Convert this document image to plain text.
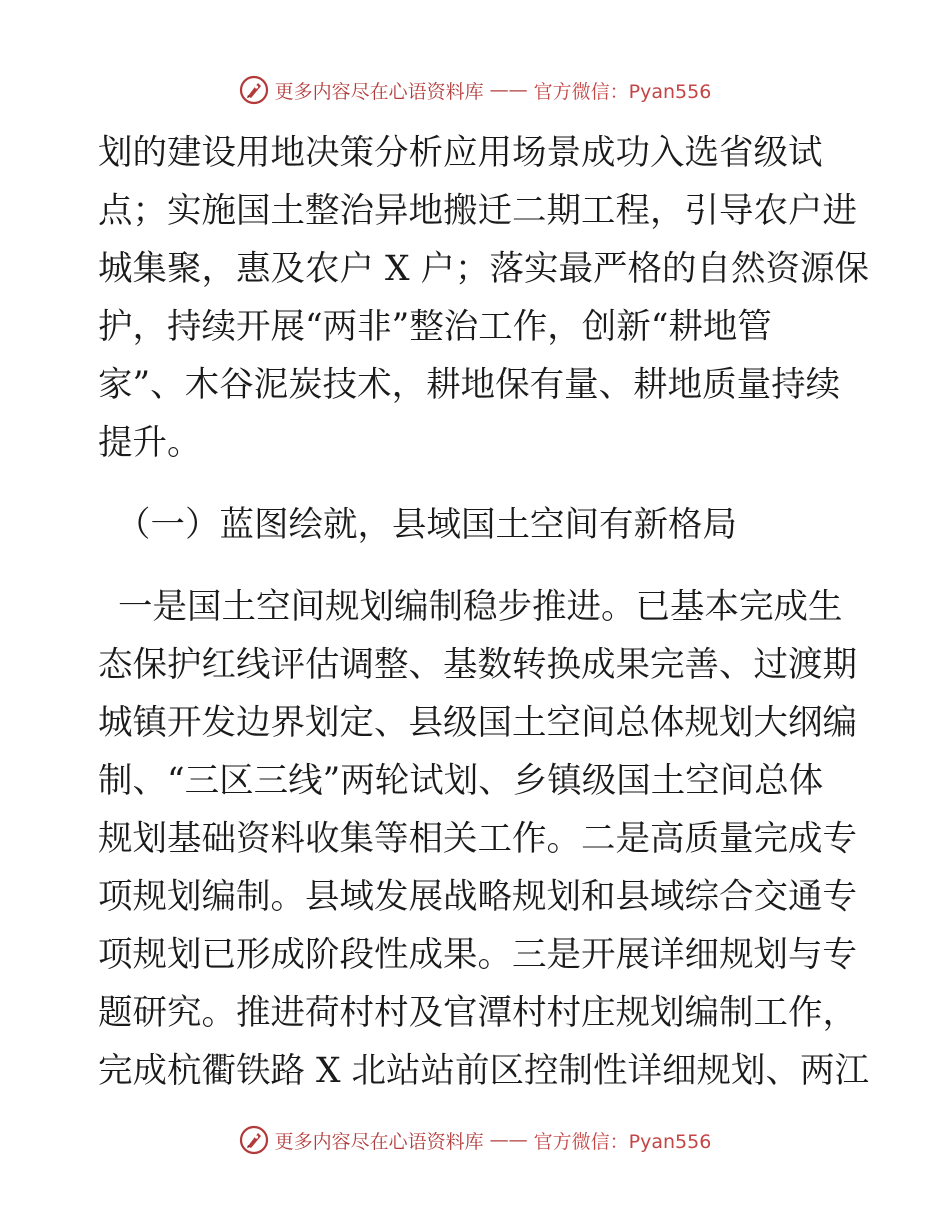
更多内容尽在心语资料库 —— 官方微信：Pyan556
划的建设用地决策分析应用场景成功入选省级试
点；实施国土整治异地搬迁二期工程，引导农户进
城集聚，惠及农户 X 户；落实最严格的自然资源保
护，持续开展“两非”整治工作，创新“耕地管
家”、木谷泥炭技术，耕地保有量、耕地质量持续
提升。
（一）蓝图绘就，县域国土空间有新格局
一是国土空间规划编制稳步推进。已基本完成生
态保护红线评估调整、基数转换成果完善、过渡期
城镇开发边界划定、县级国土空间总体规划大纲编
制、“三区三线”两轮试划、乡镇级国土空间总体
规划基础资料收集等相关工作。二是高质量完成专
项规划编制。县域发展战略规划和县域综合交通专
项规划已形成阶段性成果。三是开展详细规划与专
题研究。推进荷村村及官潭村村庄规划编制工作，
完成杭衢铁路 X 北站站前区控制性详细规划、两江
更多内容尽在心语资料库 —— 官方微信：Pyan556
